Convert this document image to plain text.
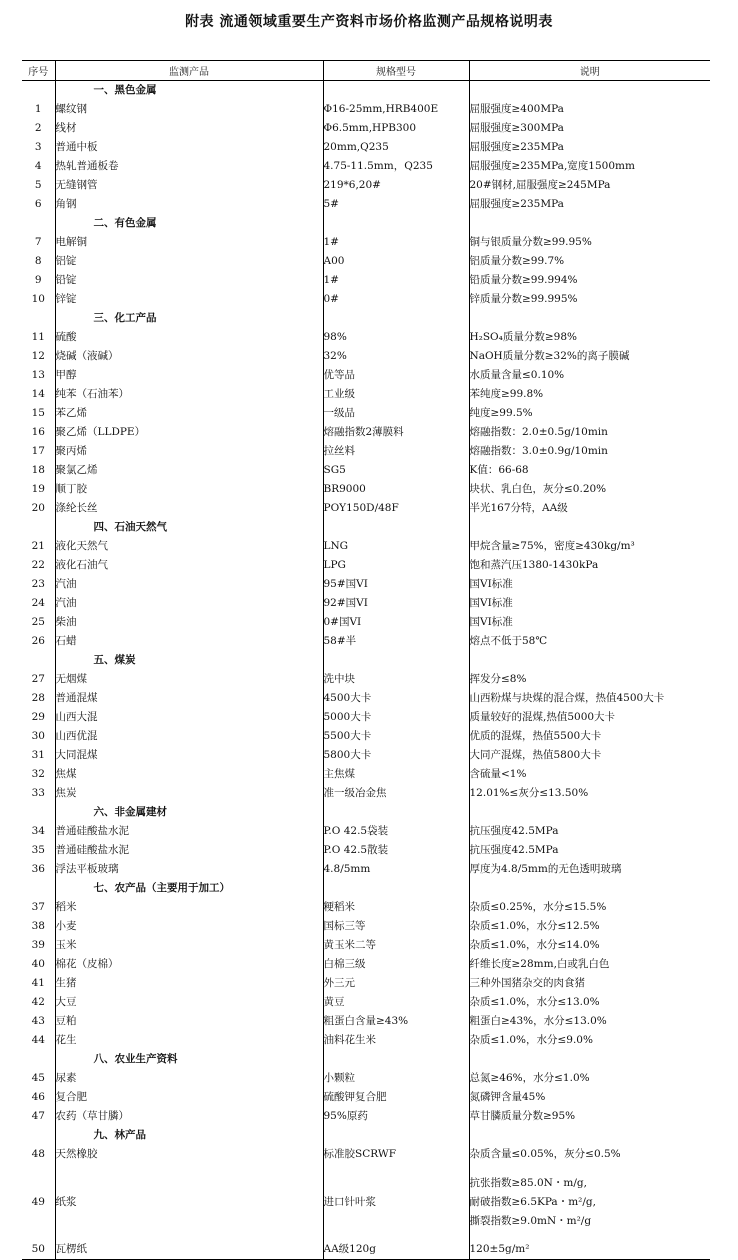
附表 流通领域重要生产资料市场价格监测产品规格说明表
序号	监测产品	规格型号	说明
	一、黑色金属		
1	螺纹钢	Φ16-25mm,HRB400E	屈服强度≥400MPa
2	线材	Φ6.5mm,HPB300	屈服强度≥300MPa
3	普通中板	20mm,Q235	屈服强度≥235MPa
4	热轧普通板卷	4.75-11.5mm，Q235	屈服强度≥235MPa,宽度1500mm
5	无缝钢管	219*6,20#	20#钢材,屈服强度≥245MPa
6	角钢	5#	屈服强度≥235MPa
	二、有色金属		
7	电解铜	1#	铜与银质量分数≥99.95%
8	铝锭	A00	铝质量分数≥99.7%
9	铅锭	1#	铅质量分数≥99.994%
10	锌锭	0#	锌质量分数≥99.995%
	三、化工产品		
11	硫酸	98%	H₂SO₄质量分数≥98%
12	烧碱（液碱）	32%	NaOH质量分数≥32%的离子膜碱
13	甲醇	优等品	水质量含量≤0.10%
14	纯苯（石油苯）	工业级	苯纯度≥99.8%
15	苯乙烯	一级品	纯度≥99.5%
16	聚乙烯（LLDPE）	熔融指数2薄膜料	熔融指数：2.0±0.5g/10min
17	聚丙烯	拉丝料	熔融指数：3.0±0.9g/10min
18	聚氯乙烯	SG5	K值：66-68
19	顺丁胶	BR9000	块状、乳白色，灰分≤0.20%
20	涤纶长丝	POY150D/48F	半光167分特，AA级
	四、石油天然气		
21	液化天然气	LNG	甲烷含量≥75%，密度≥430kg/m³
22	液化石油气	LPG	饱和蒸汽压1380-1430kPa
23	汽油	95#国VI	国VI标准
24	汽油	92#国VI	国VI标准
25	柴油	0#国VI	国VI标准
26	石蜡	58#半	熔点不低于58℃
	五、煤炭		
27	无烟煤	洗中块	挥发分≤8%
28	普通混煤	4500大卡	山西粉煤与块煤的混合煤，热值4500大卡
29	山西大混	5000大卡	质量较好的混煤,热值5000大卡
30	山西优混	5500大卡	优质的混煤，热值5500大卡
31	大同混煤	5800大卡	大同产混煤，热值5800大卡
32	焦煤	主焦煤	含硫量<1%
33	焦炭	准一级冶金焦	12.01%≤灰分≤13.50%
	六、非金属建材		
34	普通硅酸盐水泥	P.O 42.5袋装	抗压强度42.5MPa
35	普通硅酸盐水泥	P.O 42.5散装	抗压强度42.5MPa
36	浮法平板玻璃	4.8/5mm	厚度为4.8/5mm的无色透明玻璃
	七、农产品（主要用于加工）		
37	稻米	粳稻米	杂质≤0.25%，水分≤15.5%
38	小麦	国标三等	杂质≤1.0%，水分≤12.5%
39	玉米	黄玉米二等	杂质≤1.0%，水分≤14.0%
40	棉花（皮棉）	白棉三级	纤维长度≥28mm,白或乳白色
41	生猪	外三元	三种外国猪杂交的肉食猪
42	大豆	黄豆	杂质≤1.0%，水分≤13.0%
43	豆粕	粗蛋白含量≥43%	粗蛋白≥43%，水分≤13.0%
44	花生	油料花生米	杂质≤1.0%，水分≤9.0%
	八、农业生产资料		
45	尿素	小颗粒	总氮≥46%，水分≤1.0%
46	复合肥	硫酸钾复合肥	氮磷钾含量45%
47	农药（草甘膦）	95%原药	草甘膦质量分数≥95%
	九、林产品		
48	天然橡胶	标准胶SCRWF	杂质含量≤0.05%，灰分≤0.5%
49	纸浆	进口针叶浆	抗张指数≥85.0N・m/g,
耐破指数≥6.5KPa・m²/g,
撕裂指数≥9.0mN・m²/g

50	瓦楞纸	AA级120g	120±5g/m²
